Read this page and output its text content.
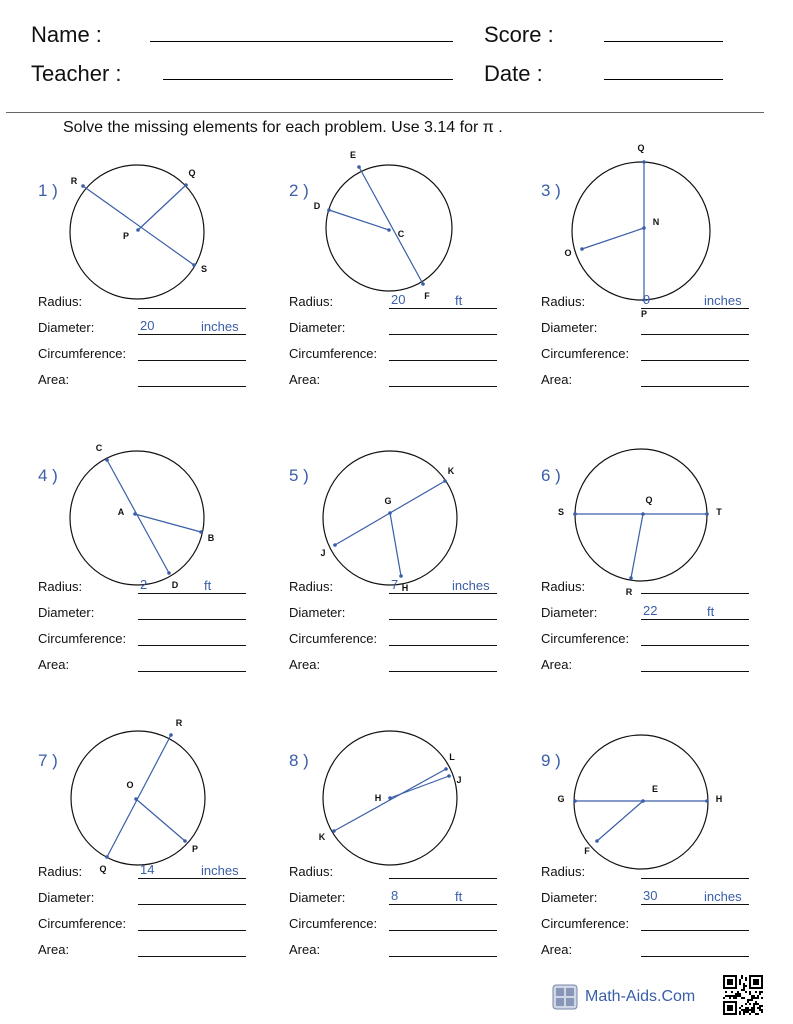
Name :	Score :
Teacher :	Date :
Solve the missing elements for each problem. Use 3.14 for π .
1 ) R
Q
P
S
Radius:
Diameter:	20	inches
Circumference:
Area:
2 )
E
D
C
F
Radius:	20	ft
Diameter:
Circumference:
Area:
3 )
Q
N
O
P
Radius:	9	inches
Diameter:
Circumference:
Area:
4 )
C
A
B
D
Radius:	2	ft
Diameter:
Circumference:
Area:
5 )	K
G
J
H
Radius:	7	inches
Diameter:
Circumference:
Area:
6 )
S
Q
T
R
Radius:
Diameter:	22	ft
Circumference:
Area:
7 )
R
O
Q
P
Radius:	14	inches
Diameter:
Circumference:
Area:
8 )	L
J
H
K
Radius:
Diameter:	8	ft
Circumference:
Area:
9 )
E
G	H
F
Radius:
Diameter:	30	inches
Circumference:
Area:
Math-Aids.Com
